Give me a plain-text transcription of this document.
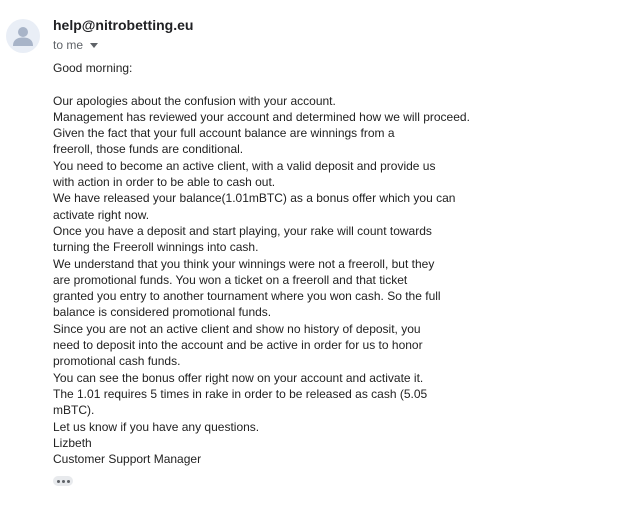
help@nitrobetting.eu
to me
Good morning:
Our apologies about the confusion with your account.
Management has reviewed your account and determined how we will proceed.
Given the fact that your full account balance are winnings from a
freeroll, those funds are conditional.
You need to become an active client, with a valid deposit and provide us
with action in order to be able to cash out.
We have released your balance(1.01mBTC) as a bonus offer which you can
activate right now.
Once you have a deposit and start playing, your rake will count towards
turning the Freeroll winnings into cash.
We understand that you think your winnings were not a freeroll, but they
are promotional funds. You won a ticket on a freeroll and that ticket
granted you entry to another tournament where you won cash. So the full
balance is considered promotional funds.
Since you are not an active client and show no history of deposit, you
need to deposit into the account and be active in order for us to honor
promotional cash funds.
You can see the bonus offer right now on your account and activate it.
The 1.01 requires 5 times in rake in order to be released as cash (5.05
mBTC).
Let us know if you have any questions.
Lizbeth
Customer Support Manager
